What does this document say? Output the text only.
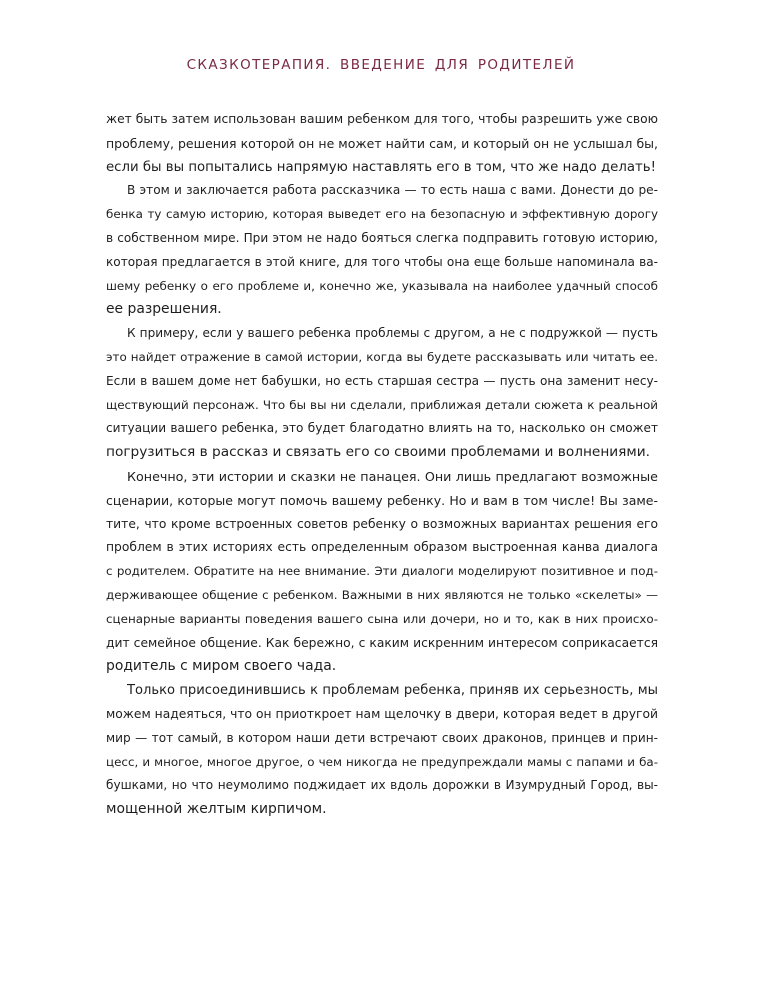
СКАЗКОТЕРАПИЯ. ВВЕДЕНИЕ ДЛЯ РОДИТЕЛЕЙ
жет быть затем использован вашим ребенком для того, чтобы разрешить уже свою
проблему, решения которой он не может найти сам, и который он не услышал бы,
если бы вы попытались напрямую наставлять его в том, что же надо делать!
В этом и заключается работа рассказчика — то есть наша с вами. Донести до ре-
бенка ту самую историю, которая выведет его на безопасную и эффективную дорогу
в собственном мире. При этом не надо бояться слегка подправить готовую историю,
которая предлагается в этой книге, для того чтобы она еще больше напоминала ва-
шему ребенку о его проблеме и, конечно же, указывала на наиболее удачный способ
ее разрешения.
К примеру, если у вашего ребенка проблемы с другом, а не с подружкой — пусть
это найдет отражение в самой истории, когда вы будете рассказывать или читать ее.
Если в вашем доме нет бабушки, но есть старшая сестра — пусть она заменит несу-
ществующий персонаж. Что бы вы ни сделали, приближая детали сюжета к реальной
ситуации вашего ребенка, это будет благодатно влиять на то, насколько он сможет
погрузиться в рассказ и связать его со своими проблемами и волнениями.
Конечно, эти истории и сказки не панацея. Они лишь предлагают возможные
сценарии, которые могут помочь вашему ребенку. Но и вам в том числе! Вы заме-
тите, что кроме встроенных советов ребенку о возможных вариантах решения его
проблем в этих историях есть определенным образом выстроенная канва диалога
с родителем. Обратите на нее внимание. Эти диалоги моделируют позитивное и под-
держивающее общение с ребенком. Важными в них являются не только «скелеты» —
сценарные варианты поведения вашего сына или дочери, но и то, как в них происхо-
дит семейное общение. Как бережно, с каким искренним интересом соприкасается
родитель с миром своего чада.
Только присоединившись к проблемам ребенка, приняв их серьезность, мы
можем надеяться, что он приоткроет нам щелочку в двери, которая ведет в другой
мир — тот самый, в котором наши дети встречают своих драконов, принцев и прин-
цесс, и многое, многое другое, о чем никогда не предупреждали мамы с папами и ба-
бушками, но что неумолимо поджидает их вдоль дорожки в Изумрудный Город, вы-
мощенной желтым кирпичом.
